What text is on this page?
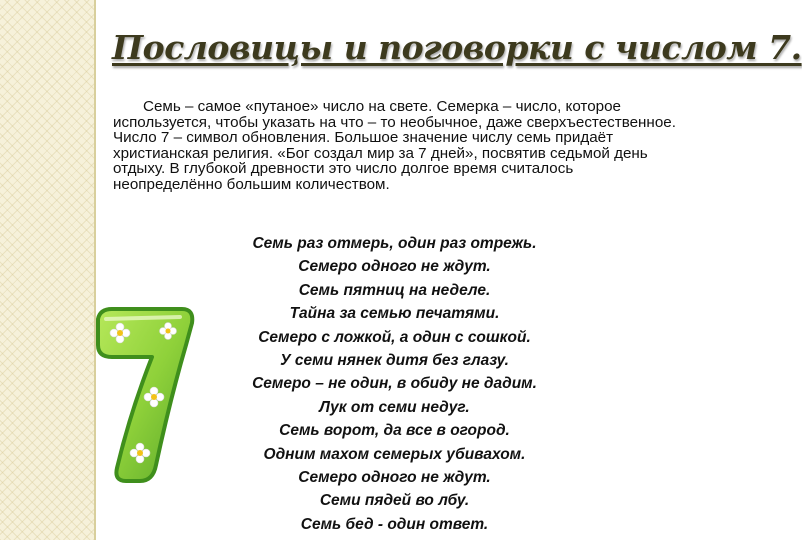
Пословицы и поговорки с числом 7.

Семь – самое «путаное» число на свете. Семерка – число, которое используется, чтобы указать на что – то необычное, даже сверхъестественное. Число 7 – символ обновления. Большое значение числу семь придаёт христианская религия. «Бог создал мир за 7 дней», посвятив седьмой день отдыху. В глубокой древности это число долгое время считалось неопределённо большим количеством.

Семь раз отмерь, один раз отрежь.
Семеро одного не ждут.
Семь пятниц на неделе.
Тайна за семью печатями.
Семеро с ложкой, а один с сошкой.
У семи нянек дитя без глазу.
Семеро – не один, в обиду не дадим.
Лук от семи недуг.
Семь ворот, да все в огород.
Одним махом семерых убивахом.
Семеро одного не ждут.
Семи пядей во лбу.
Семь бед - один ответ.
